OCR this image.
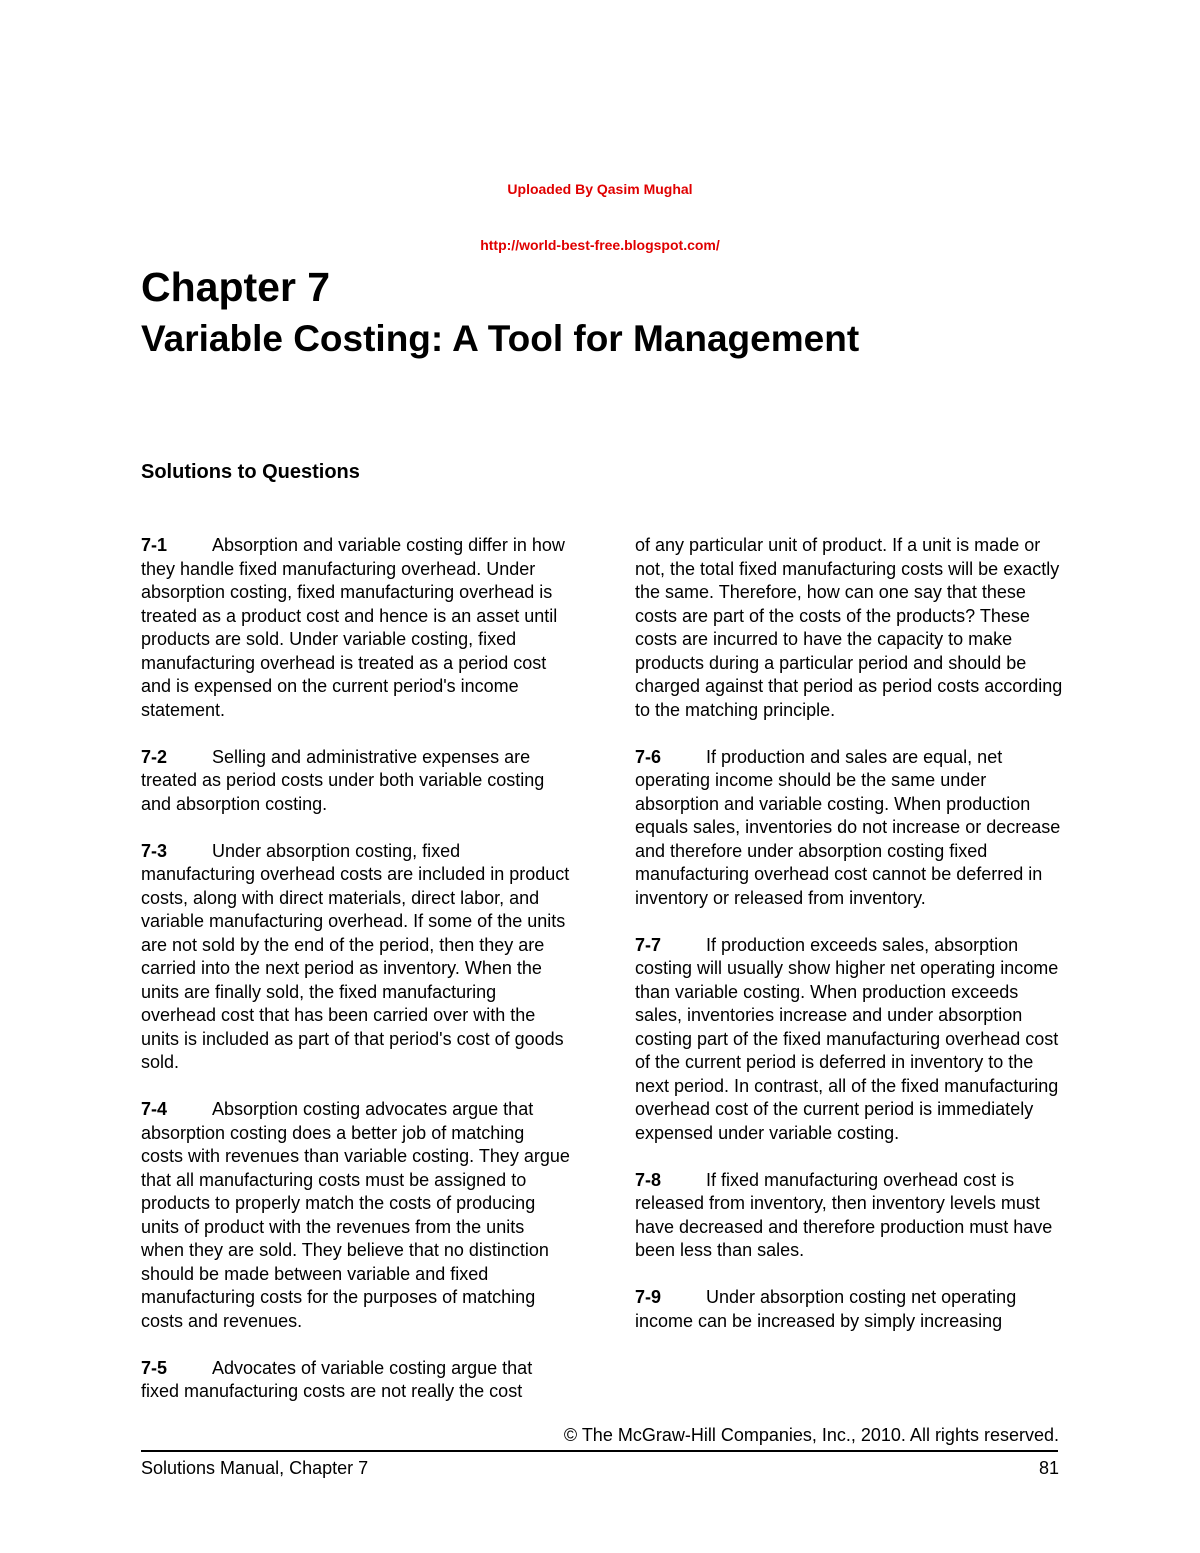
Uploaded By Qasim Mughal
http://world-best-free.blogspot.com/
Chapter 7
Variable Costing: A Tool for Management
Solutions to Questions

7-1 Absorption and variable costing differ in how they handle fixed manufacturing overhead. Under absorption costing, fixed manufacturing overhead is treated as a product cost and hence is an asset until products are sold. Under variable costing, fixed manufacturing overhead is treated as a period cost and is expensed on the current period's income statement.

7-2 Selling and administrative expenses are treated as period costs under both variable costing and absorption costing.

7-3 Under absorption costing, fixed manufacturing overhead costs are included in product costs, along with direct materials, direct labor, and variable manufacturing overhead. If some of the units are not sold by the end of the period, then they are carried into the next period as inventory. When the units are finally sold, the fixed manufacturing overhead cost that has been carried over with the units is included as part of that period's cost of goods sold.

7-4 Absorption costing advocates argue that absorption costing does a better job of matching costs with revenues than variable costing. They argue that all manufacturing costs must be assigned to products to properly match the costs of producing units of product with the revenues from the units when they are sold. They believe that no distinction should be made between variable and fixed manufacturing costs for the purposes of matching costs and revenues.

7-5 Advocates of variable costing argue that fixed manufacturing costs are not really the cost

of any particular unit of product. If a unit is made or not, the total fixed manufacturing costs will be exactly the same. Therefore, how can one say that these costs are part of the costs of the products? These costs are incurred to have the capacity to make products during a particular period and should be charged against that period as period costs according to the matching principle.

7-6 If production and sales are equal, net operating income should be the same under absorption and variable costing. When production equals sales, inventories do not increase or decrease and therefore under absorption costing fixed manufacturing overhead cost cannot be deferred in inventory or released from inventory.

7-7 If production exceeds sales, absorption costing will usually show higher net operating income than variable costing. When production exceeds sales, inventories increase and under absorption costing part of the fixed manufacturing overhead cost of the current period is deferred in inventory to the next period. In contrast, all of the fixed manufacturing overhead cost of the current period is immediately expensed under variable costing.

7-8 If fixed manufacturing overhead cost is released from inventory, then inventory levels must have decreased and therefore production must have been less than sales.

7-9 Under absorption costing net operating income can be increased by simply increasing

© The McGraw-Hill Companies, Inc., 2010. All rights reserved.
Solutions Manual, Chapter 7	81
